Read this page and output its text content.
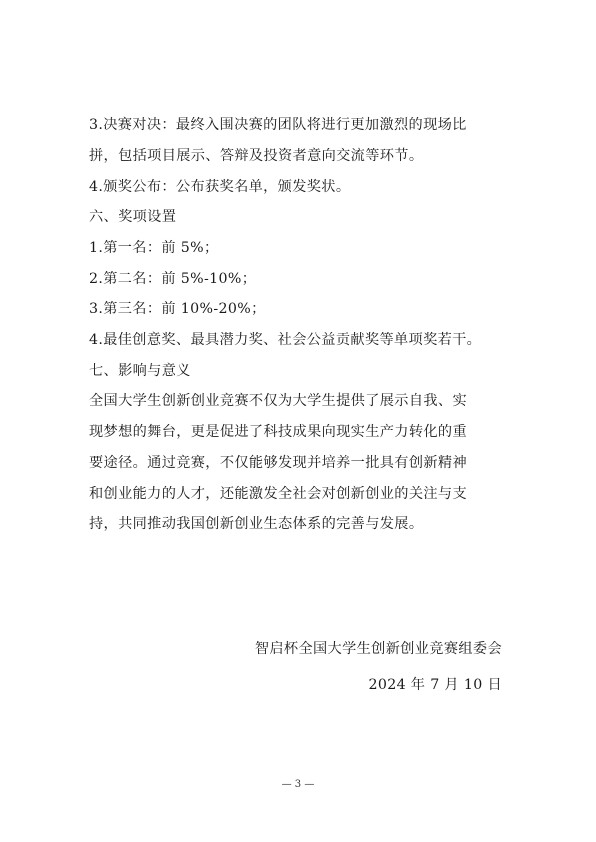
3.决赛对决：最终入围决赛的团队将进行更加激烈的现场比
拼，包括项目展示、答辩及投资者意向交流等环节。
4.颁奖公布：公布获奖名单，颁发奖状。
六、奖项设置
1.第一名：前 5%；
2.第二名：前 5%-10%；
3.第三名：前 10%-20%；
4.最佳创意奖、最具潜力奖、社会公益贡献奖等单项奖若干。
七、影响与意义
全国大学生创新创业竞赛不仅为大学生提供了展示自我、实
现梦想的舞台，更是促进了科技成果向现实生产力转化的重
要途径。通过竞赛，不仅能够发现并培养一批具有创新精神
和创业能力的人才，还能激发全社会对创新创业的关注与支
持，共同推动我国创新创业生态体系的完善与发展。
智启杯全国大学生创新创业竞赛组委会
2024 年 7 月 10 日
— 3 —
